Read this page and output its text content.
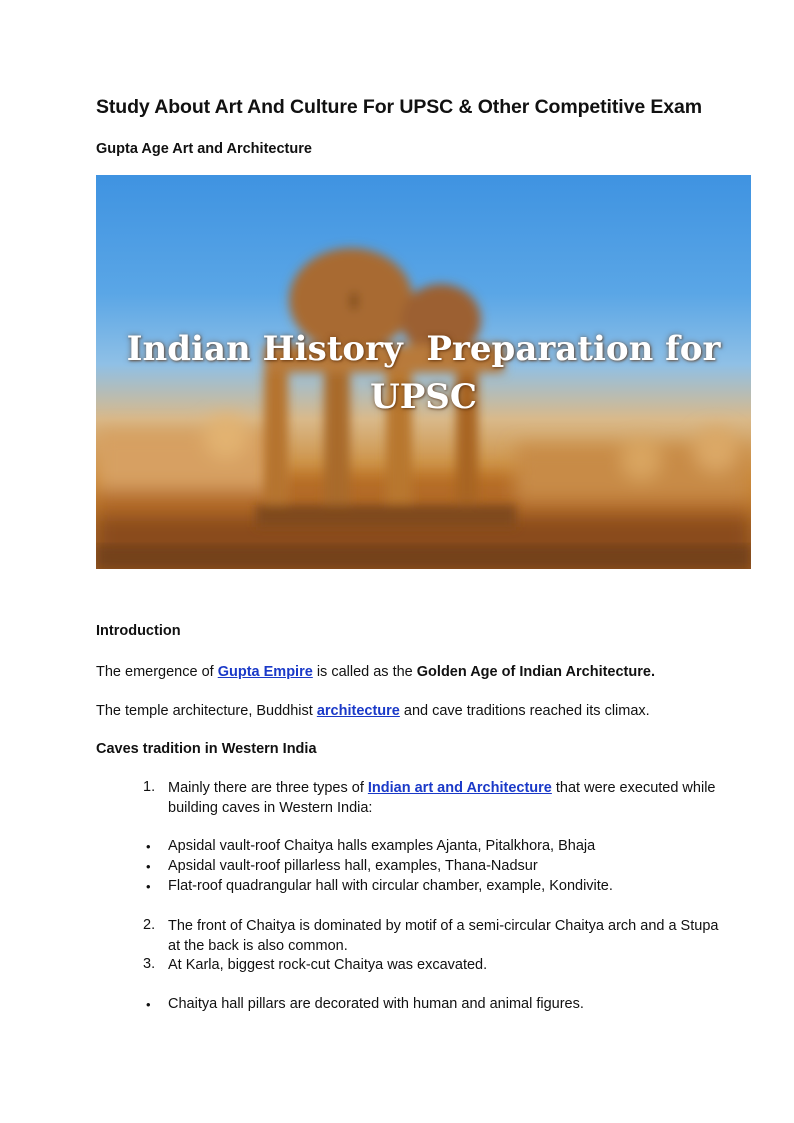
Study About Art And Culture For UPSC & Other Competitive Exam
Gupta Age Art and Architecture
Indian History  Preparation for
UPSC
Introduction
The emergence of Gupta Empire is called as the Golden Age of Indian Architecture.
The temple architecture, Buddhist architecture and cave traditions reached its climax.
Caves tradition in Western India
1. Mainly there are three types of Indian art and Architecture that were executed while building caves in Western India:
• Apsidal vault-roof Chaitya halls examples Ajanta, Pitalkhora, Bhaja
• Apsidal vault-roof pillarless hall, examples, Thana-Nadsur
• Flat-roof quadrangular hall with circular chamber, example, Kondivite.
2. The front of Chaitya is dominated by motif of a semi-circular Chaitya arch and a Stupa at the back is also common.
3. At Karla, biggest rock-cut Chaitya was excavated.
• Chaitya hall pillars are decorated with human and animal figures.
